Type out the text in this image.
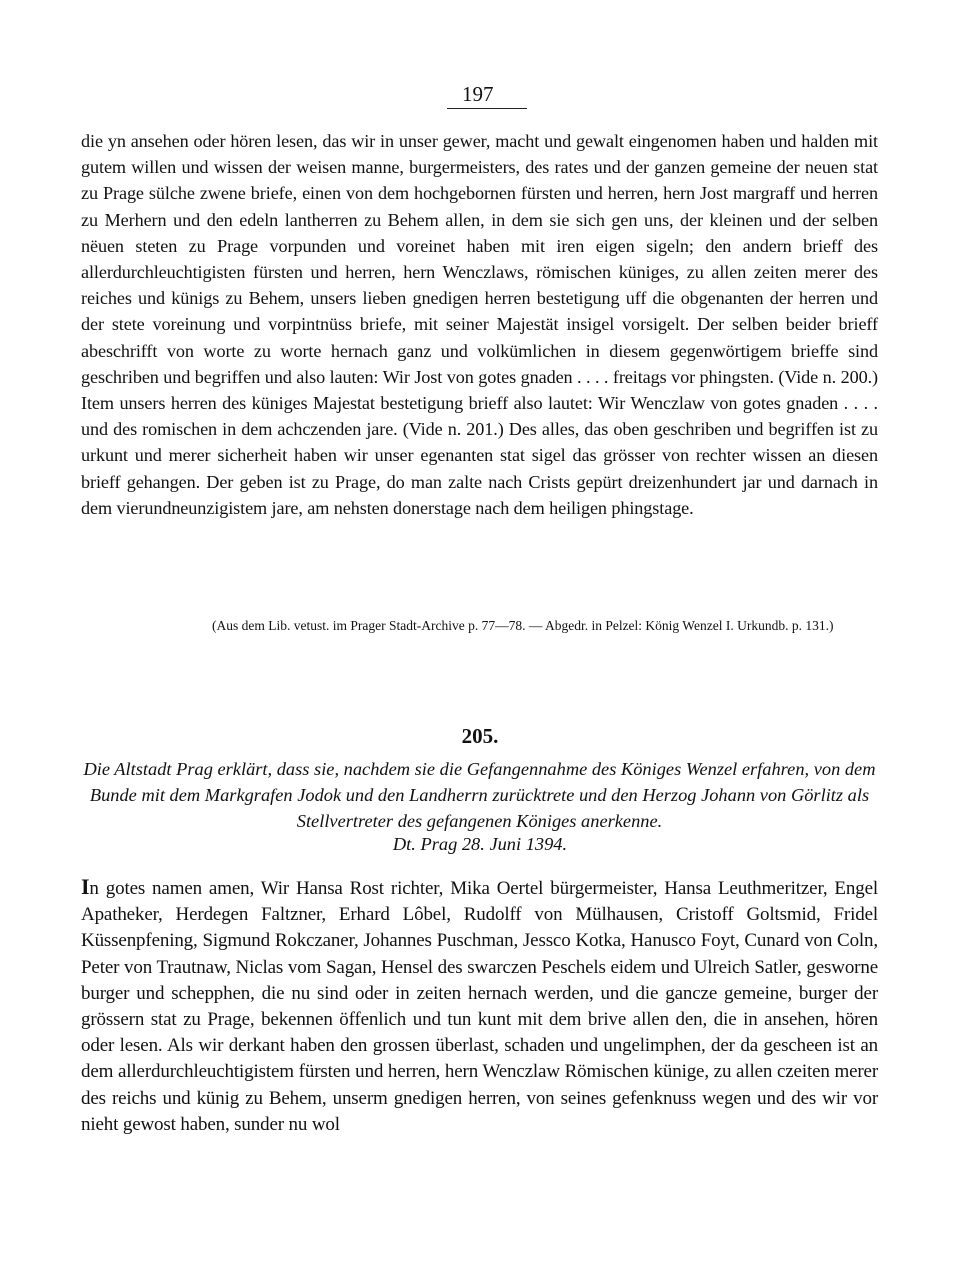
197

die yn ansehen oder hören lesen, das wir in unser gewer, macht und gewalt eingenomen haben und halden mit gutem willen und wissen der weisen manne, burgermeisters, des rates und der ganzen gemeine der neuen stat zu Prage sülche zwene briefe, einen von dem hochgebornen fürsten und herren, hern Jost margraff und herren zu Merhern und den edeln lantherren zu Behem allen, in dem sie sich gen uns, der kleinen und der selben nëuen steten zu Prage vorpunden und voreinet haben mit iren eigen sigeln; den andern brieff des allerdurchleuchtigisten fürsten und herren, hern Wenczlaws, römischen küniges, zu allen zeiten merer des reiches und künigs zu Behem, unsers lieben gnedigen herren bestetigung uff die obgenanten der herren und der stete voreinung und vorpintnüss briefe, mit seiner Majestät insigel vorsigelt. Der selben beider brieff abeschrifft von worte zu worte hernach ganz und volkümlichen in diesem gegenwörtigem brieffe sind geschriben und begriffen und also lauten: Wir Jost von gotes gnaden . . . . freitags vor phingsten. (Vide n. 200.) Item unsers herren des küniges Majestat bestetigung brieff also lautet: Wir Wenczlaw von gotes gnaden . . . . und des romischen in dem achczenden jare. (Vide n. 201.) Des alles, das oben geschriben und begriffen ist zu urkunt und merer sicherheit haben wir unser egenanten stat sigel das grösser von rechter wissen an diesen brieff gehangen. Der geben ist zu Prage, do man zalte nach Crists gepürt dreizenhundert jar und darnach in dem vierundneunzigistem jare, am nehsten donerstage nach dem heiligen phingstage.

(Aus dem Lib. vetust. im Prager Stadt-Archive p. 77—78. — Abgedr. in Pelzel: König Wenzel I. Urkundb. p. 131.)

205.

Die Altstadt Prag erklärt, dass sie, nachdem sie die Gefangennahme des Königes Wenzel erfahren, von dem Bunde mit dem Markgrafen Jodok und den Landherrn zurücktrete und den Herzog Johann von Görlitz als Stellvertreter des gefangenen Königes anerkenne.

Dt. Prag 28. Juni 1394.

In gotes namen amen, Wir Hansa Rost richter, Mika Oertel bürgermeister, Hansa Leuthmeritzer, Engel Apatheker, Herdegen Faltzner, Erhard Lôbel, Rudolff von Mülhausen, Cristoff Goltsmid, Fridel Küssenpfening, Sigmund Rokczaner, Johannes Puschman, Jessco Kotka, Hanusco Foyt, Cunard von Coln, Peter von Trautnaw, Niclas vom Sagan, Hensel des swarczen Peschels eidem und Ulreich Satler, gesworne burger und schepphen, die nu sind oder in zeiten hernach werden, und die gancze gemeine, burger der grössern stat zu Prage, bekennen öffenlich und tun kunt mit dem brive allen den, die in ansehen, hören oder lesen. Als wir derkant haben den grossen überlast, schaden und ungelimphen, der da gescheen ist an dem allerdurchleuchtigistem fürsten und herren, hern Wenczlaw Römischen künige, zu allen czeiten merer des reichs und künig zu Behem, unserm gnedigen herren, von seines gefenknuss wegen und des wir vor nieht gewost haben, sunder nu wol
